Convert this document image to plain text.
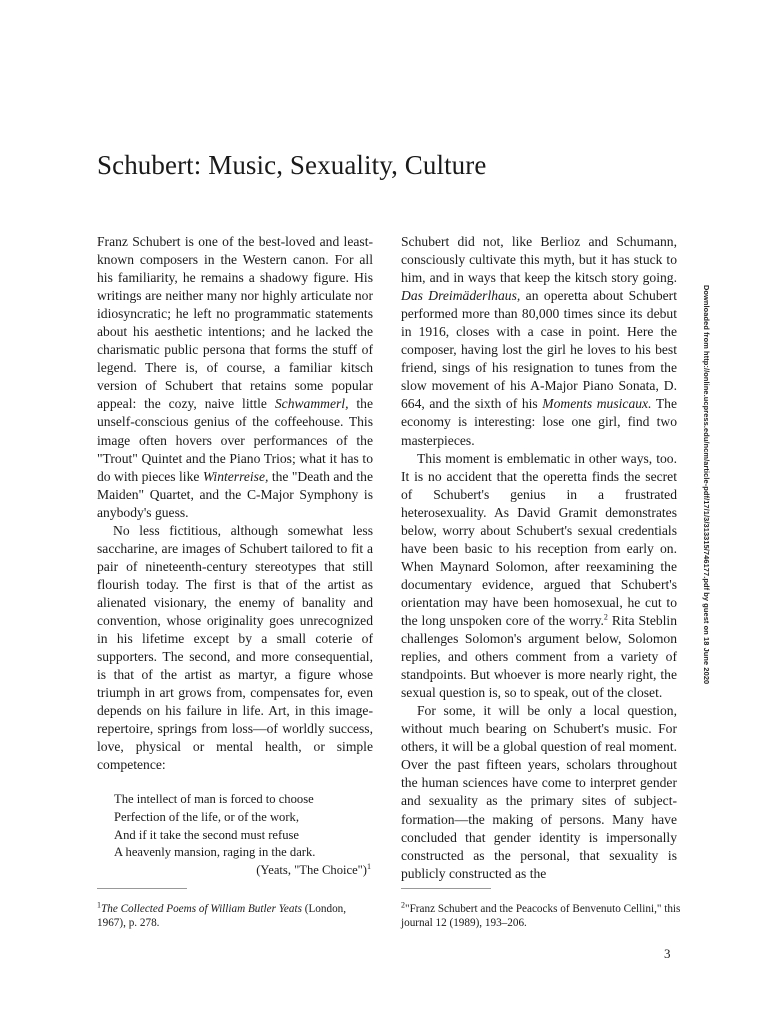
Schubert: Music, Sexuality, Culture

Franz Schubert is one of the best-loved and least-known composers in the Western canon. For all his familiarity, he remains a shadowy figure. His writings are neither many nor highly articulate nor idiosyncratic; he left no programmatic statements about his aesthetic intentions; and he lacked the charismatic public persona that forms the stuff of legend. There is, of course, a familiar kitsch version of Schubert that retains some popular appeal: the cozy, naive little Schwammerl, the unself-conscious genius of the coffeehouse. This image often hovers over performances of the "Trout" Quintet and the Piano Trios; what it has to do with pieces like Winterreise, the "Death and the Maiden" Quartet, and the C-Major Symphony is anybody's guess.

No less fictitious, although somewhat less saccharine, are images of Schubert tailored to fit a pair of nineteenth-century stereotypes that still flourish today. The first is that of the artist as alienated visionary, the enemy of banality and convention, whose originality goes unrecognized in his lifetime except by a small coterie of supporters. The second, and more consequential, is that of the artist as martyr, a figure whose triumph in art grows from, compensates for, even depends on his failure in life. Art, in this image-repertoire, springs from loss—of worldly success, love, physical or mental health, or simple competence:

The intellect of man is forced to choose
Perfection of the life, or of the work,
And if it take the second must refuse
A heavenly mansion, raging in the dark.
(Yeats, "The Choice")$^1$

Schubert did not, like Berlioz and Schumann, consciously cultivate this myth, but it has stuck to him, and in ways that keep the kitsch story going. Das Dreimäderlhaus, an operetta about Schubert performed more than 80,000 times since its debut in 1916, closes with a case in point. Here the composer, having lost the girl he loves to his best friend, sings of his resignation to tunes from the slow movement of his A-Major Piano Sonata, D. 664, and the sixth of his Moments musicaux. The economy is interesting: lose one girl, find two masterpieces.

This moment is emblematic in other ways, too. It is no accident that the operetta finds the secret of Schubert's genius in a frustrated heterosexuality. As David Gramit demonstrates below, worry about Schubert's sexual credentials have been basic to his reception from early on. When Maynard Solomon, after reexamining the documentary evidence, argued that Schubert's orientation may have been homosexual, he cut to the long unspoken core of the worry.$^2$ Rita Steblin challenges Solomon's argument below, Solomon replies, and others comment from a variety of standpoints. But whoever is more nearly right, the sexual question is, so to speak, out of the closet.

For some, it will be only a local question, without much bearing on Schubert's music. For others, it will be a global question of real moment. Over the past fifteen years, scholars throughout the human sciences have come to interpret gender and sexuality as the primary sites of subject-formation—the making of persons. Many have concluded that gender identity is impersonally constructed as the personal, that sexuality is publicly constructed as the

$^1$The Collected Poems of William Butler Yeats (London, 1967), p. 278.
$^2$"Franz Schubert and the Peacocks of Benvenuto Cellini," this journal 12 (1989), 193–206.
3
Downloaded from http://online.ucpress.edu/ncm/article-pdf/17/1/3/313315/746177.pdf by guest on 18 June 2020
